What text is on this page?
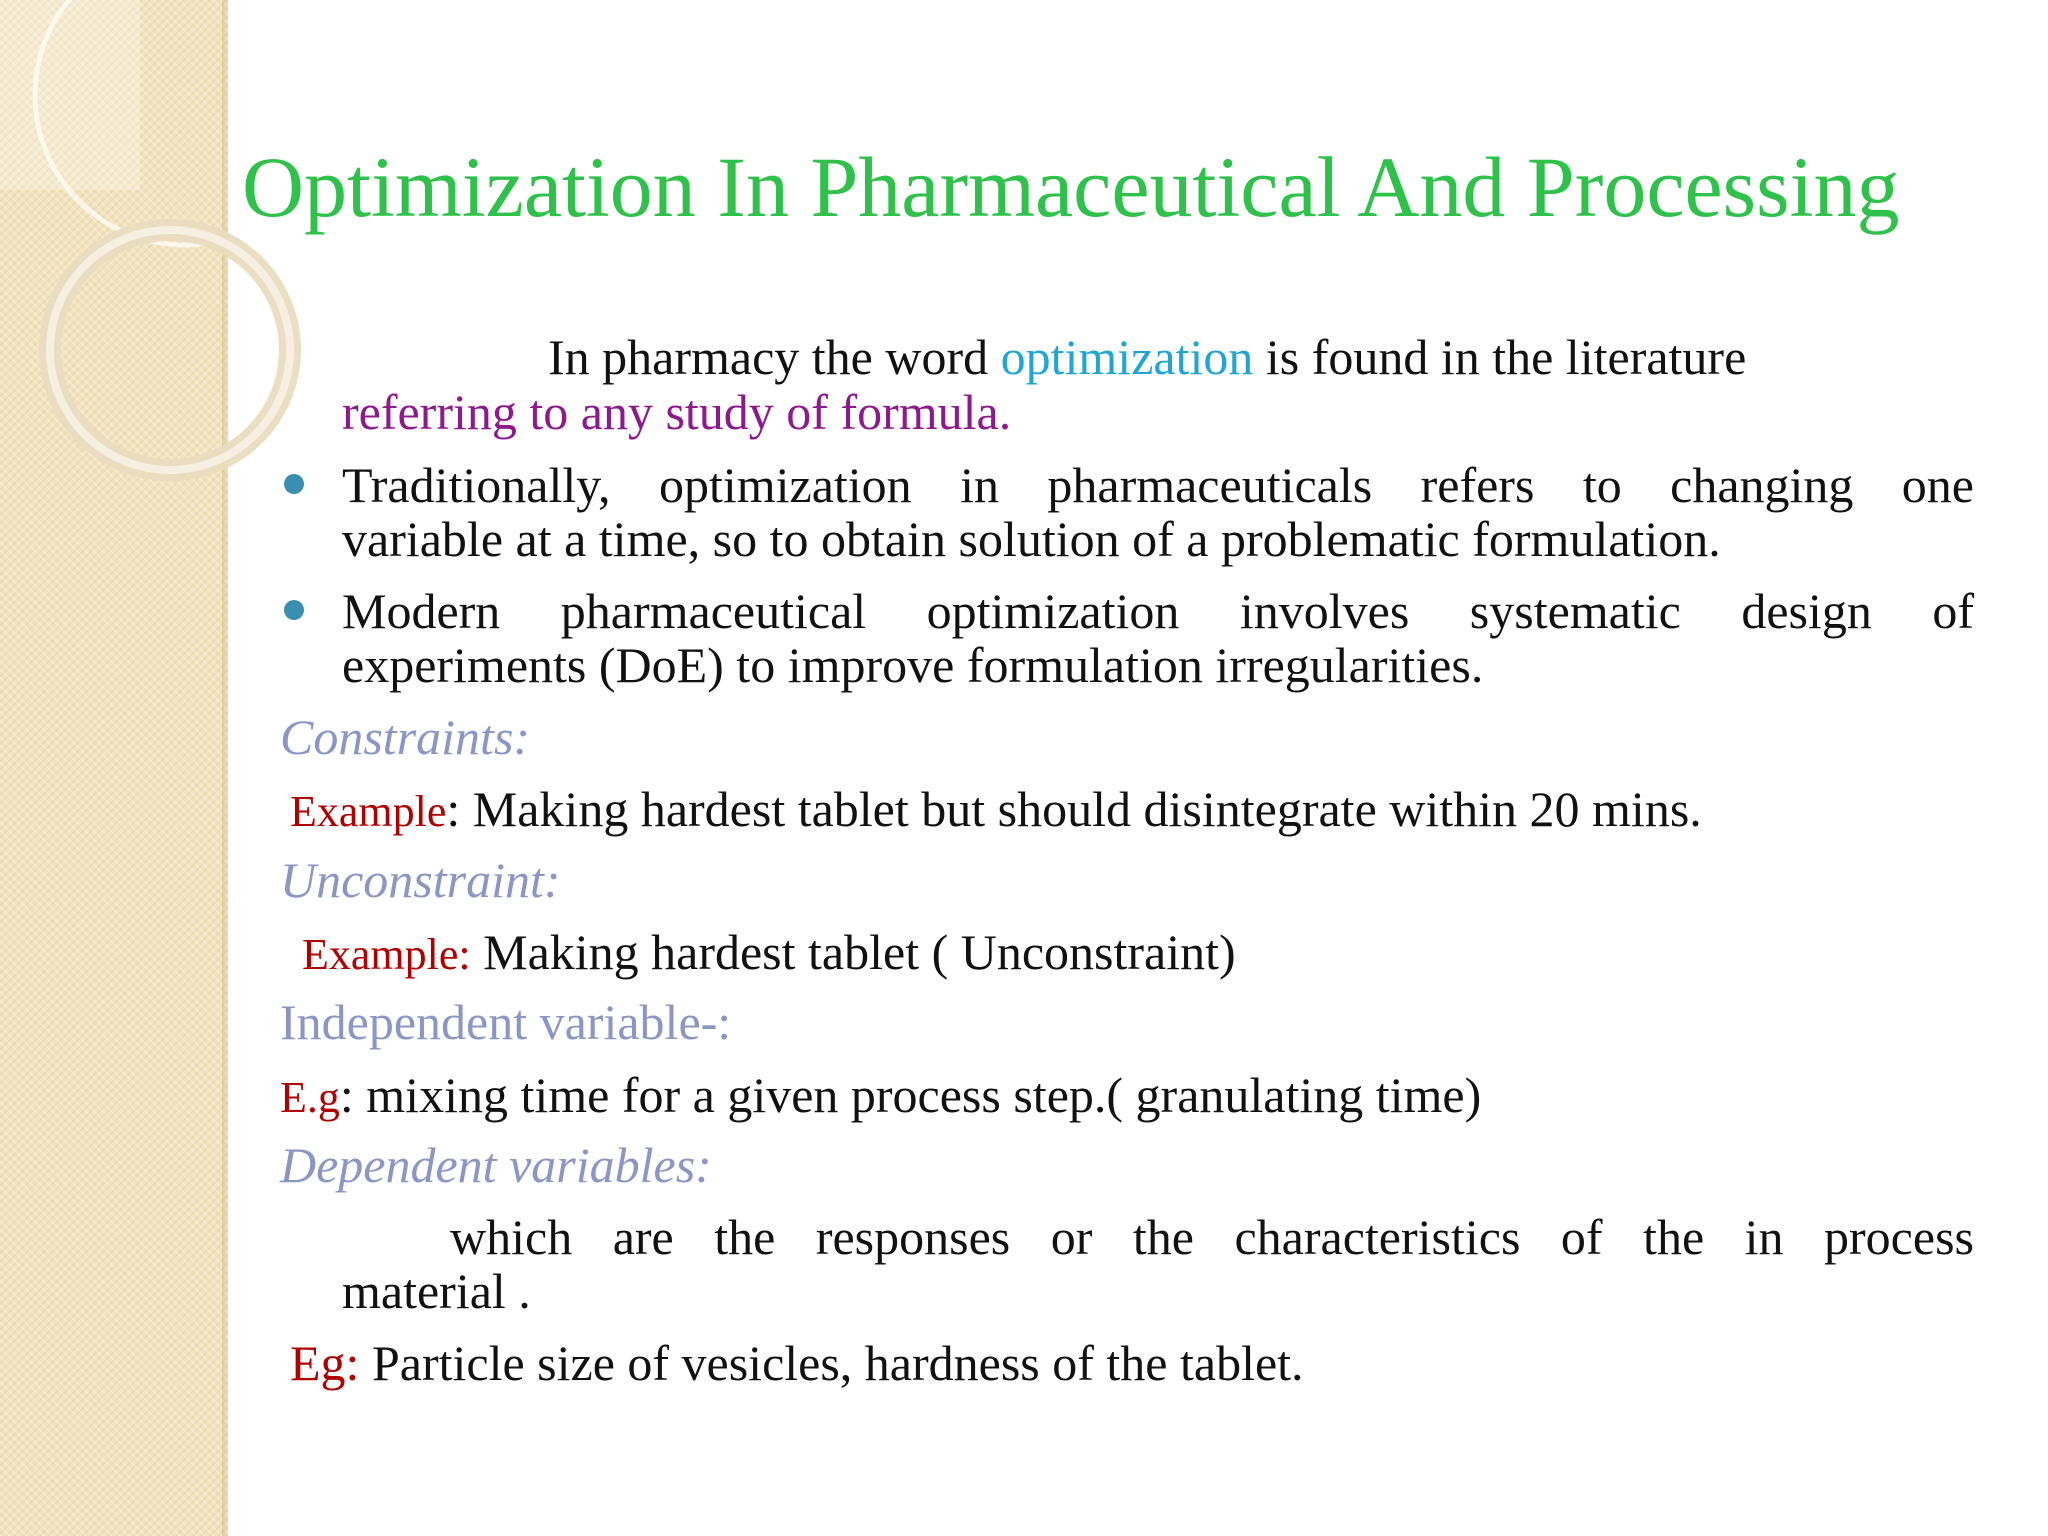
Optimization In Pharmaceutical And Processing
In pharmacy the word optimization is found in the literature
referring to any study of formula.
Traditionally, optimization in pharmaceuticals refers to changing one
variable at a time, so to obtain solution of a problematic formulation.
Modern pharmaceutical optimization involves systematic design of
experiments (DoE) to improve formulation irregularities.
Constraints:
Example: Making hardest tablet but should disintegrate within 20 mins.
Unconstraint:
Example: Making hardest tablet ( Unconstraint)
Independent variable-:
E.g: mixing time for a given process step.( granulating time)
Dependent variables:
which are the responses or the characteristics of the in process
material .
Eg: Particle size of vesicles, hardness of the tablet.
